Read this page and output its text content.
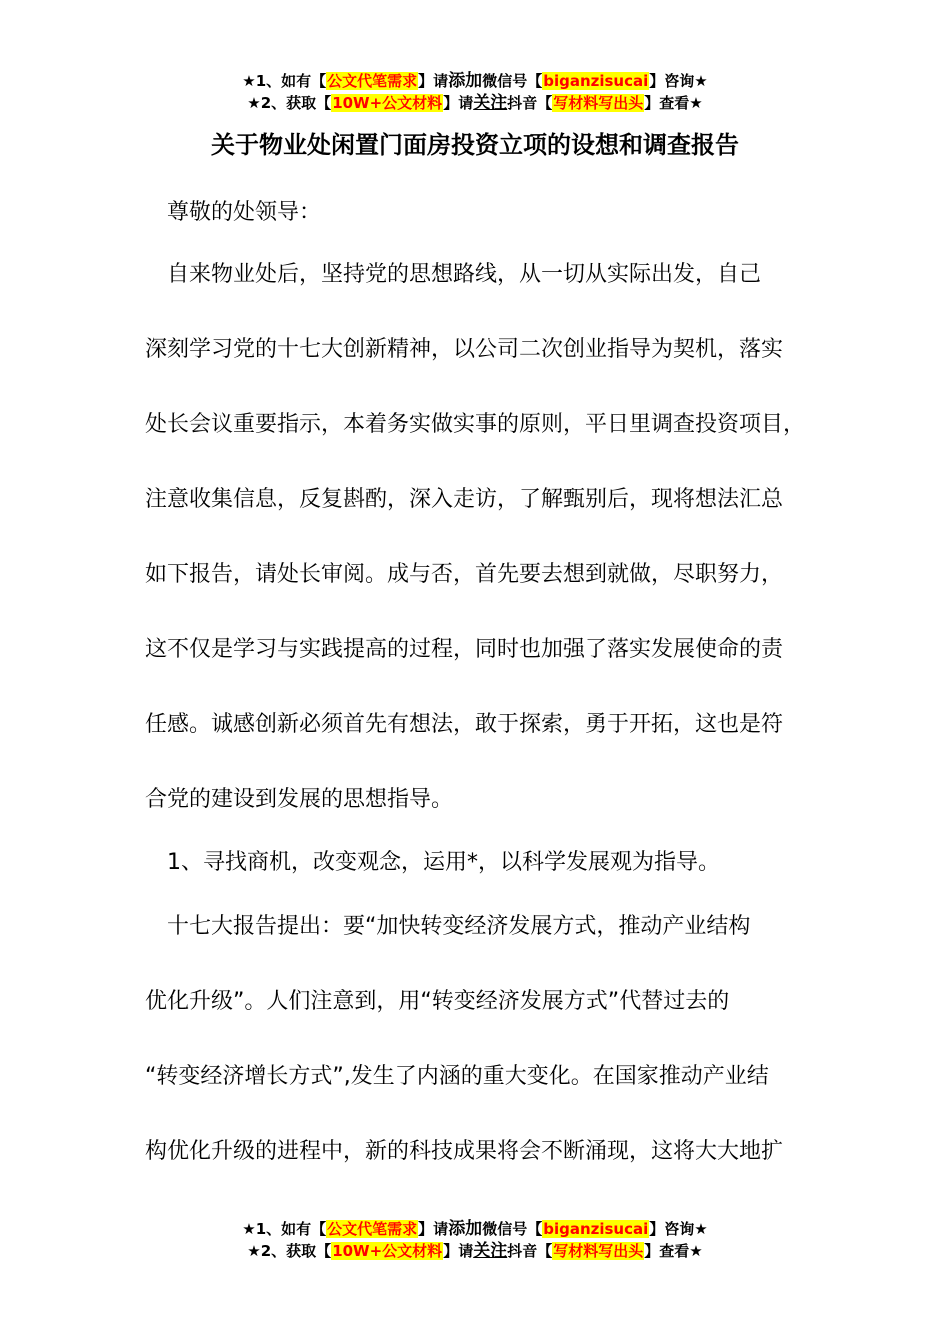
★1、如有【公文代笔需求】请添加微信号【biganzisucai】咨询★
★2、获取【10W+公文材料】请关注抖音【写材料写出头】查看★
关于物业处闲置门面房投资立项的设想和调查报告
　尊敬的处领导：
　自来物业处后，坚持党的思想路线，从一切从实际出发，自己
深刻学习党的十七大创新精神，以公司二次创业指导为契机，落实
处长会议重要指示，本着务实做实事的原则，平日里调查投资项目，
注意收集信息，反复斟酌，深入走访，了解甄别后，现将想法汇总
如下报告，请处长审阅。成与否，首先要去想到就做，尽职努力，
这不仅是学习与实践提高的过程，同时也加强了落实发展使命的责
任感。诚感创新必须首先有想法，敢于探索，勇于开拓，这也是符
合党的建设到发展的思想指导。
　1、寻找商机，改变观念，运用*，以科学发展观为指导。
　十七大报告提出：要“加快转变经济发展方式，推动产业结构
优化升级”。人们注意到，用“转变经济发展方式”代替过去的
“转变经济增长方式”,发生了内涵的重大变化。在国家推动产业结
构优化升级的进程中，新的科技成果将会不断涌现，这将大大地扩
★1、如有【公文代笔需求】请添加微信号【biganzisucai】咨询★
★2、获取【10W+公文材料】请关注抖音【写材料写出头】查看★
